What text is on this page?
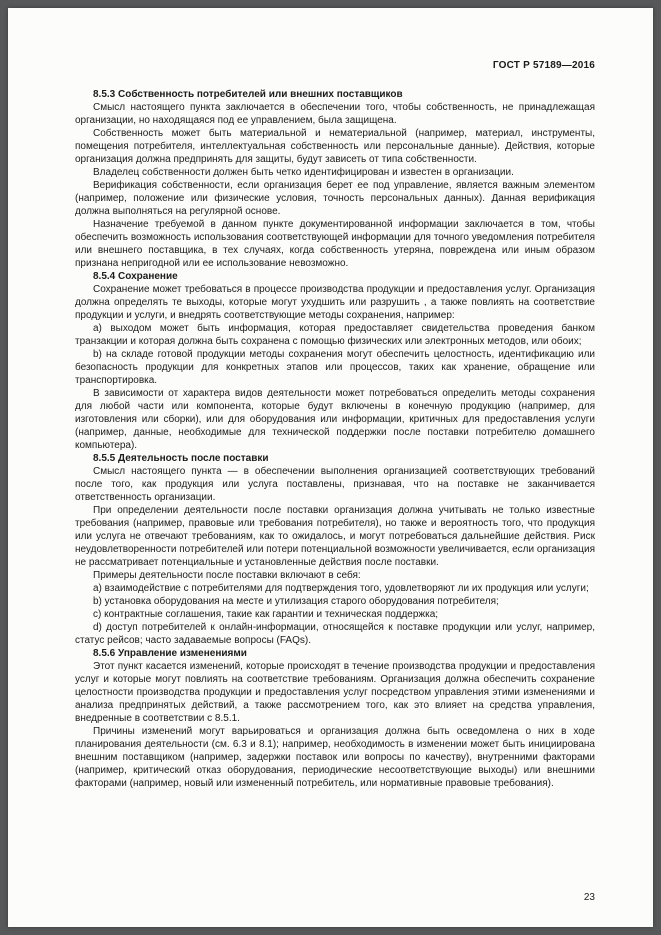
ГОСТ Р 57189—2016
8.5.3 Собственность потребителей или внешних поставщиков

Смысл настоящего пункта заключается в обеспечении того, чтобы собственность, не принадлежащая организации, но находящаяся под ее управлением, была защищена.

Собственность может быть материальной и нематериальной (например, материал, инструменты, помещения потребителя, интеллектуальная собственность или персональные данные). Действия, которые организация должна предпринять для защиты, будут зависеть от типа собственности.

Владелец собственности должен быть четко идентифицирован и известен в организации.

Верификация собственности, если организация берет ее под управление, является важным элементом (например, положение или физические условия, точность персональных данных). Данная верификация должна выполняться на регулярной основе.

Назначение требуемой в данном пункте документированной информации заключается в том, чтобы обеспечить возможность использования соответствующей информации для точного уведомления потребителя или внешнего поставщика, в тех случаях, когда собственность утеряна, повреждена или иным образом признана непригодной или ее использование невозможно.

8.5.4 Сохранение

Сохранение может требоваться в процессе производства продукции и предоставления услуг. Организация должна определять те выходы, которые могут ухудшить или разрушить , а также повлиять на соответствие продукции и услуги, и внедрять соответствующие методы сохранения, например:

а) выходом может быть информация, которая предоставляет свидетельства проведения банком транзакции и которая должна быть сохранена с помощью физических или электронных методов, или обоих;

b) на складе готовой продукции методы сохранения могут обеспечить целостность, идентификацию или безопасность продукции для конкретных этапов или процессов, таких как хранение, обращение или транспортировка.

В зависимости от характера видов деятельности может потребоваться определить методы сохранения для любой части или компонента, которые будут включены в конечную продукцию (например, для изготовления или сборки), или для оборудования или информации, критичных для предоставления услуги (например, данные, необходимые для технической поддержки после поставки потребителю домашнего компьютера).

8.5.5 Деятельность после поставки

Смысл настоящего пункта — в обеспечении выполнения организацией соответствующих требований после того, как продукция или услуга поставлены, признавая, что на поставке не заканчивается ответственность организации.

При определении деятельности после поставки организация должна учитывать не только известные требования (например, правовые или требования потребителя), но также и вероятность того, что продукция или услуга не отвечают требованиям, как то ожидалось, и могут потребоваться дальнейшие действия. Риск неудовлетворенности потребителей или потери потенциальной возможности увеличивается, если организация не рассматривает потенциальные и установленные действия после поставки.

Примеры деятельности после поставки включают в себя:

а) взаимодействие с потребителями для подтверждения того, удовлетворяют ли их продукция или услуги;

b) установка оборудования на месте и утилизация старого оборудования потребителя;

c) контрактные соглашения, такие как гарантии и техническая поддержка;

d) доступ потребителей к онлайн-информации, относящейся к поставке продукции или услуг, например, статус рейсов; часто задаваемые вопросы (FAQs).

8.5.6 Управление изменениями

Этот пункт касается изменений, которые происходят в течение производства продукции и предоставления услуг и которые могут повлиять на соответствие требованиям. Организация должна обеспечить сохранение целостности производства продукции и предоставления услуг посредством управления этими изменениями и анализа предпринятых действий, а также рассмотрением того, как это влияет на средства управления, внедренные в соответствии с 8.5.1.

Причины изменений могут варьироваться и организация должна быть осведомлена о них в ходе планирования деятельности (см. 6.3 и 8.1); например, необходимость в изменении может быть инициирована внешним поставщиком (например, задержки поставок или вопросы по качеству), внутренними факторами (например, критический отказ оборудования, периодические несоответствующие выходы) или внешними факторами (например, новый или измененный потребитель, или нормативные правовые требования).

23
